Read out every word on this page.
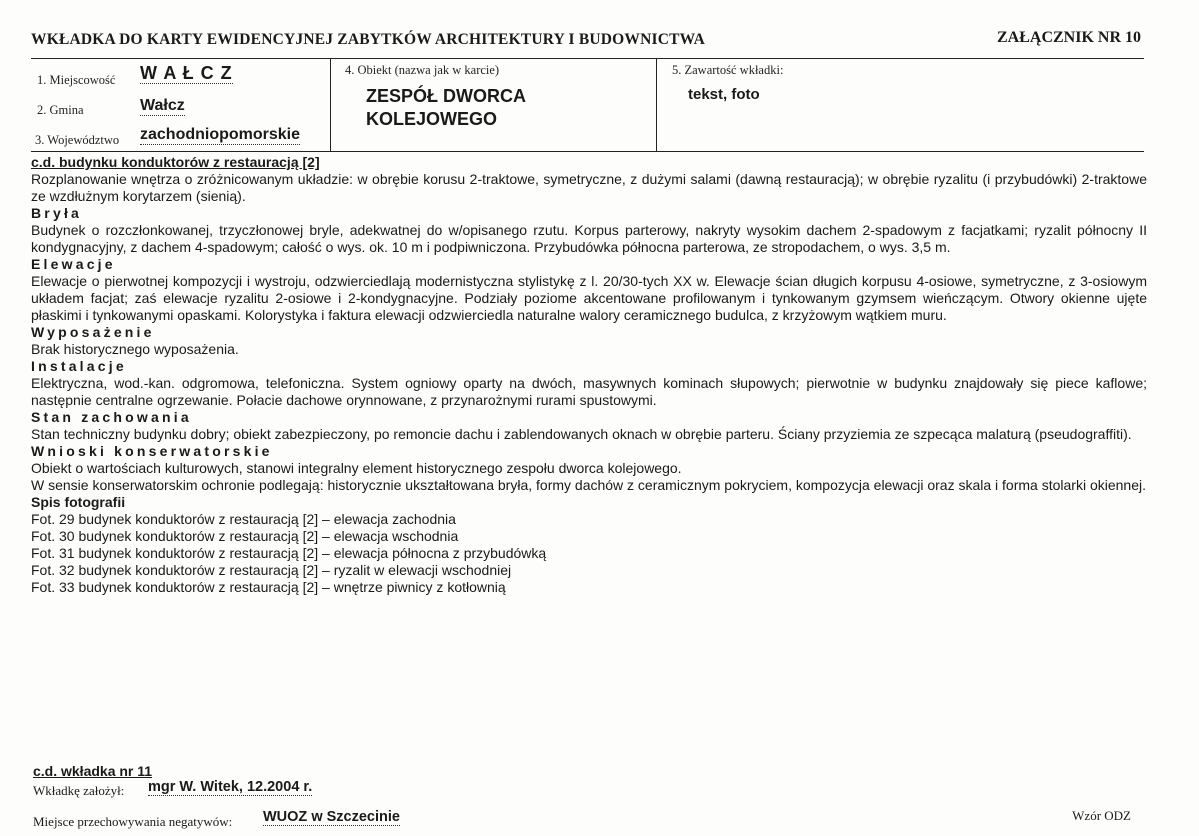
WKŁADKA DO KARTY EWIDENCYJNEJ ZABYTKÓW ARCHITEKTURY I BUDOWNICTWA	ZAŁĄCZNIK NR 10
1. Miejscowość W A Ł C Z
2. Gmina	Wałcz
3. Województwo zachodniopomorskie
4. Obiekt (nazwa jak w karcie)
ZESPÓŁ DWORCA
KOLEJOWEGO
5. Zawartość wkładki:
tekst, foto

c.d. budynku konduktorów z restauracją [2]

Rozplanowanie wnętrza o zróżnicowanym układzie: w obrębie korusu 2-traktowe, symetryczne, z dużymi salami (dawną restauracją); w obrębie ryzalitu (i przybudówki) 2-traktowe ze wzdłużnym korytarzem (sienią).

Bryła

Budynek o rozczłonkowanej, trzyczłonowej bryle, adekwatnej do w/opisanego rzutu. Korpus parterowy, nakryty wysokim dachem 2-spadowym z facjatkami; ryzalit północny II kondygnacyjny, z dachem 4-spadowym; całość o wys. ok. 10 m i podpiwniczona. Przybudówka północna parterowa, ze stropodachem, o wys. 3,5 m.

Elewacje

Elewacje o pierwotnej kompozycji i wystroju, odzwierciedlają modernistyczna stylistykę z l. 20/30-tych XX w. Elewacje ścian długich korpusu 4-osiowe, symetryczne, z 3-osiowym układem facjat; zaś elewacje ryzalitu 2-osiowe i 2-kondygnacyjne. Podziały poziome akcentowane profilowanym i tynkowanym gzymsem wieńczącym. Otwory okienne ujęte płaskimi i tynkowanymi opaskami. Kolorystyka i faktura elewacji odzwierciedla naturalne walory ceramicznego budulca, z krzyżowym wątkiem muru.

Wyposażenie

Brak historycznego wyposażenia.

Instalacje

Elektryczna, wod.-kan. odgromowa, telefoniczna. System ogniowy oparty na dwóch, masywnych kominach słupowych; pierwotnie w budynku znajdowały się piece kaflowe; następnie centralne ogrzewanie. Połacie dachowe orynnowane, z przynarożnymi rurami spustowymi.

Stan zachowania

Stan techniczny budynku dobry; obiekt zabezpieczony, po remoncie dachu i zablendowanych oknach w obrębie parteru. Ściany przyziemia ze szpecąca malaturą (pseudograffiti).

Wnioski konserwatorskie

Obiekt o wartościach kulturowych, stanowi integralny element historycznego zespołu dworca kolejowego.

W sensie konserwatorskim ochronie podlegają: historycznie ukształtowana bryła, formy dachów z ceramicznym pokryciem, kompozycja elewacji oraz skala i forma stolarki okiennej.

Spis fotografii

Fot. 29 budynek konduktorów z restauracją [2] – elewacja zachodnia

Fot. 30 budynek konduktorów z restauracją [2] – elewacja wschodnia

Fot. 31 budynek konduktorów z restauracją [2] – elewacja północna z przybudówką

Fot. 32 budynek konduktorów z restauracją [2] – ryzalit w elewacji wschodniej

Fot. 33 budynek konduktorów z restauracją [2] – wnętrze piwnicy z kotłownią

c.d. wkładka nr 11
Wkładkę założył: mgr W. Witek, 12.2004 r.
Miejsce przechowywania negatywów: WUOZ w Szczecinie	Wzór ODZ
